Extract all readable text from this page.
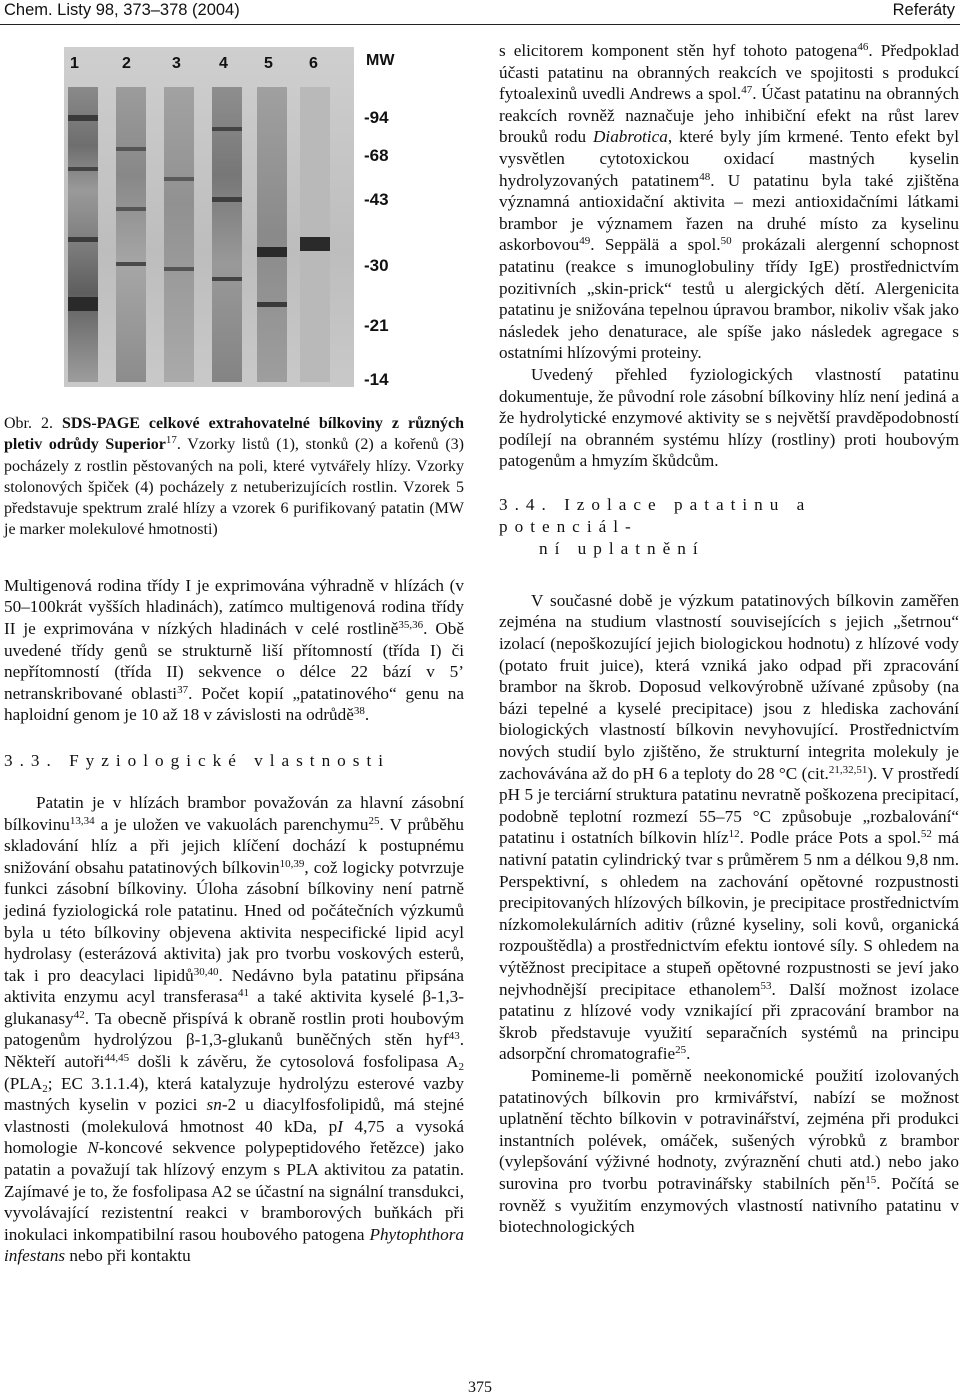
Chem. Listy 98, 373–378 (2004)	Referáty
1	2	3 4 5 6	MW
-94
-68
-43
-30
-21
-14

Obr. 2. SDS-PAGE celkové extrahovatelné bílkoviny z různých pletiv odrůdy Superior$^{17}$. Vzorky listů (1), stonků (2) a kořenů (3) pocházely z rostlin pěstovaných na poli, které vytvářely hlízy. Vzorky stolonových špiček (4) pocházely z netuberizujících rostlin. Vzorek 5 představuje spektrum zralé hlízy a vzorek 6 purifikovaný patatin (MW je marker molekulové hmotnosti)

Multigenová rodina třídy I je exprimována výhradně v hlízách (v 50–100krát vyšších hladinách), zatímco multigenová rodina třídy II je exprimována v nízkých hladinách v celé rostlině$^{35,36}$. Obě uvedené třídy genů se strukturně liší přítomností (třída I) či nepřítomností (třída II) sekvence o délce 22 bází v 5’ netranskribované oblasti$^{37}$. Počet kopií „patatinového“ genu na haploidní genom je 10 až 18 v závislosti na odrůdě$^{38}$.

3.3. Fyziologické vlastnosti

Patatin je v hlízách brambor považován za hlavní zásobní bílkovinu$^{13,34}$ a je uložen ve vakuolách parenchymu$^{25}$. V průběhu skladování hlíz a při jejich klíčení dochází k postupnému snižování obsahu patatinových bílkovin$^{10,39}$, což logicky potvrzuje funkci zásobní bílkoviny. Úloha zásobní bílkoviny není patrně jediná fyziologická role patatinu. Hned od počátečních výzkumů byla u této bílkoviny objevena aktivita nespecifické lipid acyl hydrolasy (esterázová aktivita) jak pro tvorbu voskových esterů, tak i pro deacylaci lipidů$^{30,40}$. Nedávno byla patatinu připsána aktivita enzymu acyl transferasa$^{41}$ a také aktivita kyselé β-1,3-glukanasy$^{42}$. Ta obecně přispívá k obraně rostlin proti houbovým patogenům hydrolýzou β-1,3-glukanů buněčných stěn hyf$^{43}$. Někteří autoři$^{44,45}$ došli k závěru, že cytosolová fosfolipasa $A_2$ ($PLA_2$; EC 3.1.1.4), která katalyzuje hydrolýzu esterové vazby mastných kyselin v pozici sn-2 u diacylfosfolipidů, má stejné vlastnosti (molekulová hmotnost 40 kDa, pI 4,75 a vysoká homologie N-koncové sekvence polypeptidového řetězce) jako patatin a považují tak hlízový enzym s PLA aktivitou za patatin. Zajímavé je to, že fosfolipasa A2 se účastní na signální transdukci, vyvolávající rezistentní reakci v bramborových buňkách při inokulaci inkompatibilní rasou houbového patogena Phytophthora infestans nebo při kontaktu

s elicitorem komponent stěn hyf tohoto patogena$^{46}$. Předpoklad účasti patatinu na obranných reakcích ve spojitosti s produkcí fytoalexinů uvedli Andrews a spol.$^{47}$. Účast patatinu na obranných reakcích rovněž naznačuje jeho inhibiční efekt na růst larev brouků rodu Diabrotica, které byly jím krmené. Tento efekt byl vysvětlen cytotoxickou oxidací mastných kyselin hydrolyzovaných patatinem$^{48}$. U patatinu byla také zjištěna významná antioxidační aktivita – mezi antioxidačními látkami brambor je významem řazen na druhé místo za kyselinu askorbovou$^{49}$. Seppälä a spol.$^{50}$ prokázali alergenní schopnost patatinu (reakce s imunoglobuliny třídy IgE) prostřednictvím pozitivních „skin-prick“ testů u alergických dětí. Alergenicita patatinu je snižována tepelnou úpravou brambor, nikoliv však jako následek jeho denaturace, ale spíše jako následek agregace s ostatními hlízovými proteiny.

Uvedený přehled fyziologických vlastností patatinu dokumentuje, že původní role zásobní bílkoviny hlíz není jediná a že hydrolytické enzymové aktivity se s největší pravděpodobností podílejí na obranném systému hlízy (rostliny) proti houbovým patogenům a hmyzím škůdcům.

3.4. Izolace patatinu a potenciál-
ní uplatnění

V současné době je výzkum patatinových bílkovin zaměřen zejména na studium vlastností souvisejících s jejich „šetrnou“ izolací (nepoškozující jejich biologickou hodnotu) z hlízové vody (potato fruit juice), která vzniká jako odpad při zpracování brambor na škrob. Doposud velkovýrobně užívané způsoby (na bázi tepelné a kyselé precipitace) jsou z hlediska zachování biologických vlastností bílkovin nevyhovující. Prostřednictvím nových studií bylo zjištěno, že strukturní integrita molekuly je zachovávána až do pH 6 a teploty do 28 °C (cit.$^{21,32,51}$). V prostředí pH 5 je terciární struktura patatinu nevratně poškozena precipitací, podobně teplotní rozmezí 55–75 °C způsobuje „rozbalování“ patatinu i ostatních bílkovin hlíz$^{12}$. Podle práce Pots a spol.$^{52}$ má nativní patatin cylindrický tvar s průměrem 5 nm a délkou 9,8 nm. Perspektivní, s ohledem na zachování opětovné rozpustnosti precipitovaných hlízových bílkovin, je precipitace prostřednictvím nízkomolekulárních aditiv (různé kyseliny, soli kovů, organická rozpouštědla) a prostřednictvím efektu iontové síly. S ohledem na výtěžnost precipitace a stupeň opětovné rozpustnosti se jeví jako nejvhodnější precipitace ethanolem$^{53}$. Další možnost izolace patatinu z hlízové vody vznikající při zpracování brambor na škrob představuje využití separačních systémů na principu adsorpční chromatografie$^{25}$.

Pomineme-li poměrně neekonomické použití izolovaných patatinových bílkovin pro krmivářství, nabízí se možnost uplatnění těchto bílkovin v potravinářství, zejména při produkci instantních polévek, omáček, sušených výrobků z brambor (vylepšování výživné hodnoty, zvýraznění chuti atd.) nebo jako surovina pro tvorbu potravinářsky stabilních pěn$^{15}$. Počítá se rovněž s využitím enzymových vlastností nativního patatinu v biotechnologických

375
